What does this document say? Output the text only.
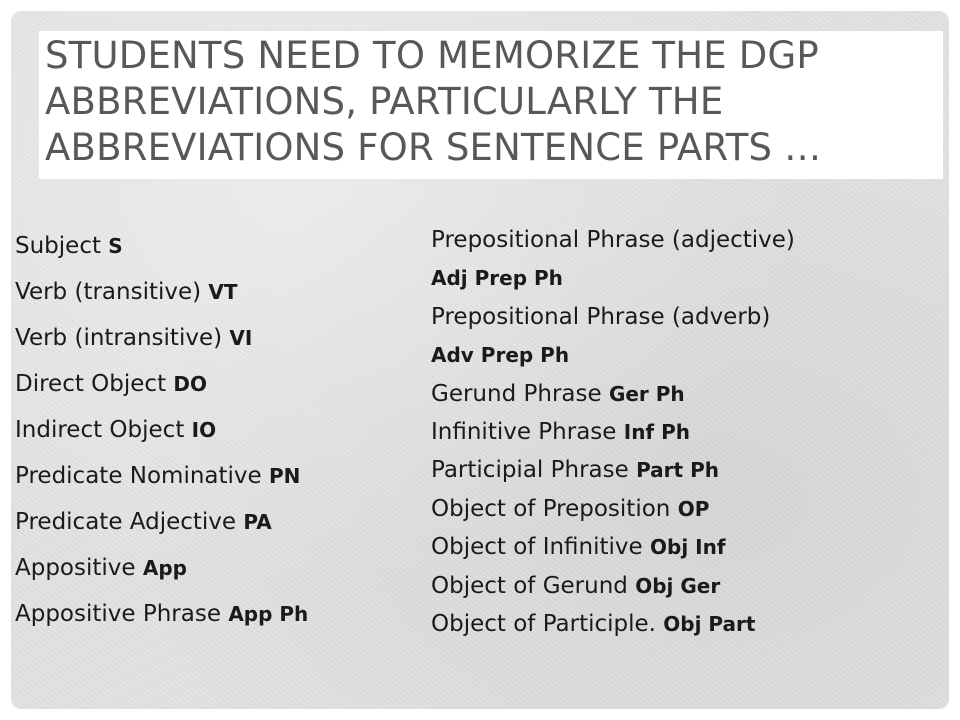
STUDENTS NEED TO MEMORIZE THE DGP
ABBREVIATIONS, PARTICULARLY THE
ABBREVIATIONS FOR SENTENCE PARTS …
Subject S
Verb (transitive) VT
Verb (intransitive) VI
Direct Object DO
Indirect Object IO
Predicate Nominative PN
Predicate Adjective PA
Appositive App
Appositive Phrase App Ph
Prepositional Phrase (adjective)
Adj Prep Ph
Prepositional Phrase (adverb)
Adv Prep Ph
Gerund Phrase Ger Ph
Infinitive Phrase Inf Ph
Participial Phrase Part Ph
Object of Preposition OP
Object of Infinitive Obj Inf
Object of Gerund Obj Ger
Object of Participle. Obj Part
